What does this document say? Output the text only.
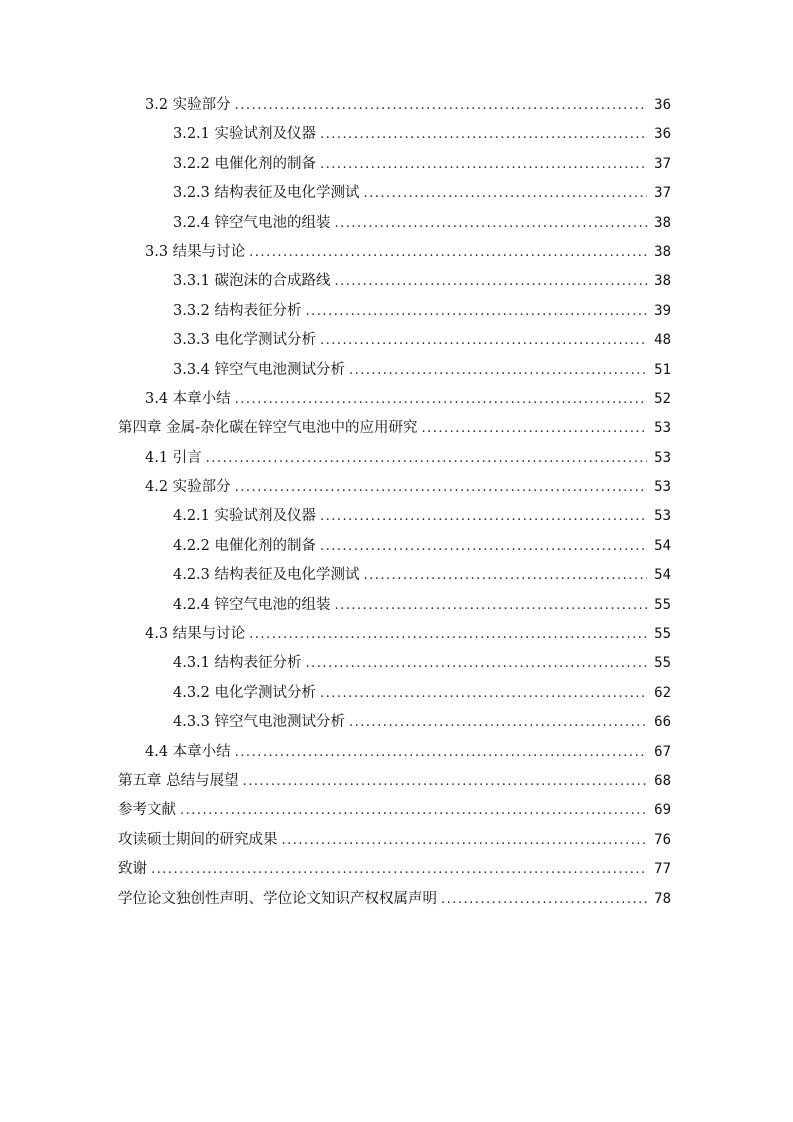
3.2 实验部分 .....	36
3.2.1 实验试剂及仪器 .....	36
3.2.2 电催化剂的制备 .....	37
3.2.3 结构表征及电化学测试 .....	37
3.2.4 锌空气电池的组装 .....	38
3.3 结果与讨论 .....	38
3.3.1 碳泡沫的合成路线 .....	38
3.3.2 结构表征分析 .....	39
3.3.3 电化学测试分析 .....	48
3.3.4 锌空气电池测试分析 .....	51
3.4 本章小结 .....	52
第四章 金属-杂化碳在锌空气电池中的应用研究 .....	53
4.1 引言 .....	53
4.2 实验部分 .....	53
4.2.1 实验试剂及仪器 .....	53
4.2.2 电催化剂的制备 .....	54
4.2.3 结构表征及电化学测试 .....	54
4.2.4 锌空气电池的组装 .....	55
4.3 结果与讨论 .....	55
4.3.1 结构表征分析 .....	55
4.3.2 电化学测试分析 .....	62
4.3.3 锌空气电池测试分析 .....	66
4.4 本章小结 .....	67
第五章 总结与展望 .....	68
参考文献 .....	69
攻读硕士期间的研究成果 .....	76
致谢 .....	77
学位论文独创性声明、学位论文知识产权权属声明 .....	78
